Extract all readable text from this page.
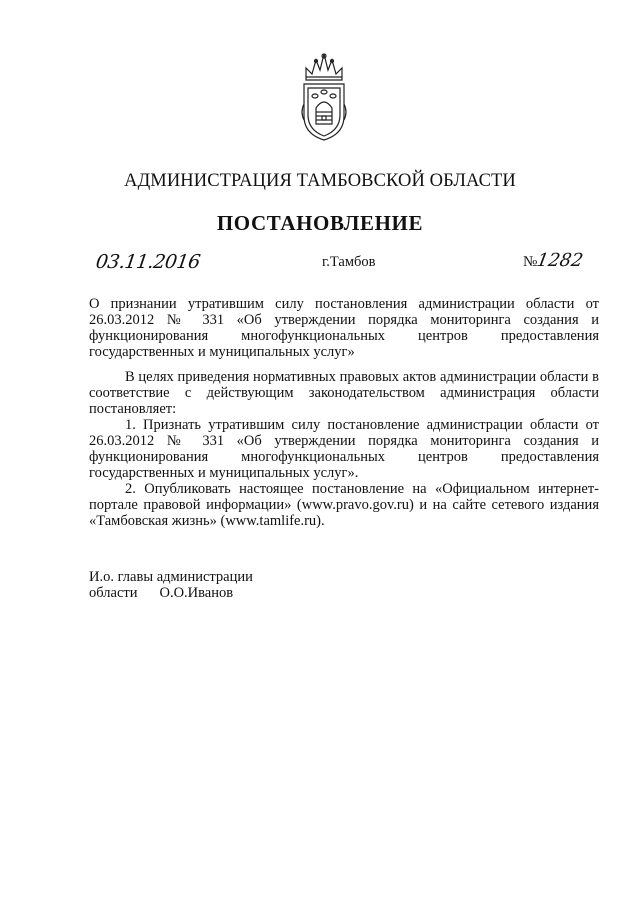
АДМИНИСТРАЦИЯ ТАМБОВСКОЙ ОБЛАСТИ
ПОСТАНОВЛЕНИЕ
03.11.2016	г.Тамбов	№1282
О признании утратившим силу постановления администрации области от 26.03.2012 № 331 «Об утверждении порядка мониторинга создания и функционирования многофункциональных центров предоставления государственных и муниципальных услуг»

В целях приведения нормативных правовых актов администрации области в соответствие с действующим законодательством администрация области постановляет:

1. Признать утратившим силу постановление администрации области от 26.03.2012 № 331 «Об утверждении порядка мониторинга создания и функционирования многофункциональных центров предоставления государственных и муниципальных услуг».

2. Опубликовать настоящее постановление на «Официальном интернет-портале правовой информации» (www.pravo.gov.ru) и на сайте сетевого издания «Тамбовская жизнь» (www.tamlife.ru).

И.о. главы администрации
области О.О.Иванов
